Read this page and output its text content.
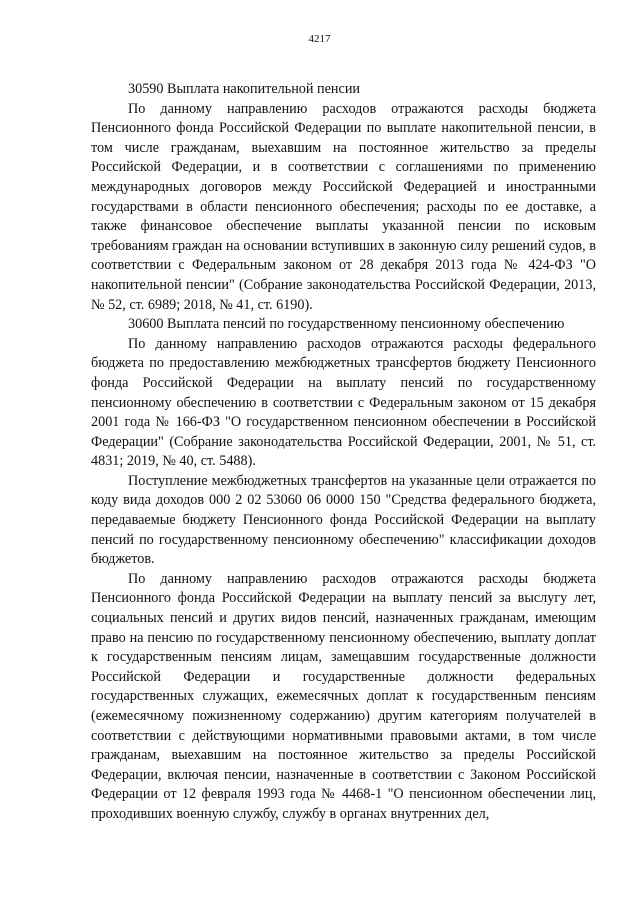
4217

30590 Выплата накопительной пенсии

По данному направлению расходов отражаются расходы бюджета Пенсионного фонда Российской Федерации по выплате накопительной пенсии, в том числе гражданам, выехавшим на постоянное жительство за пределы Российской Федерации, и в соответствии с соглашениями по применению международных договоров между Российской Федерацией и иностранными государствами в области пенсионного обеспечения; расходы по ее доставке, а также финансовое обеспечение выплаты указанной пенсии по исковым требованиям граждан на основании вступивших в законную силу решений судов, в соответствии с Федеральным законом от 28 декабря 2013 года № 424-ФЗ "О накопительной пенсии" (Собрание законодательства Российской Федерации, 2013, № 52, ст. 6989; 2018, № 41, ст. 6190).

30600 Выплата пенсий по государственному пенсионному обеспечению

По данному направлению расходов отражаются расходы федерального бюджета по предоставлению межбюджетных трансфертов бюджету Пенсионного фонда Российской Федерации на выплату пенсий по государственному пенсионному обеспечению в соответствии с Федеральным законом от 15 декабря 2001 года № 166-ФЗ "О государственном пенсионном обеспечении в Российской Федерации" (Собрание законодательства Российской Федерации, 2001, № 51, ст. 4831; 2019, № 40, ст. 5488).

Поступление межбюджетных трансфертов на указанные цели отражается по коду вида доходов 000 2 02 53060 06 0000 150 "Средства федерального бюджета, передаваемые бюджету Пенсионного фонда Российской Федерации на выплату пенсий по государственному пенсионному обеспечению" классификации доходов бюджетов.

По данному направлению расходов отражаются расходы бюджета Пенсионного фонда Российской Федерации на выплату пенсий за выслугу лет, социальных пенсий и других видов пенсий, назначенных гражданам, имеющим право на пенсию по государственному пенсионному обеспечению, выплату доплат к государственным пенсиям лицам, замещавшим государственные должности Российской Федерации и государственные должности федеральных государственных служащих, ежемесячных доплат к государственным пенсиям (ежемесячному пожизненному содержанию) другим категориям получателей в соответствии с действующими нормативными правовыми актами, в том числе гражданам, выехавшим на постоянное жительство за пределы Российской Федерации, включая пенсии, назначенные в соответствии с Законом Российской Федерации от 12 февраля 1993 года № 4468-1 "О пенсионном обеспечении лиц, проходивших военную службу, службу в органах внутренних дел,
